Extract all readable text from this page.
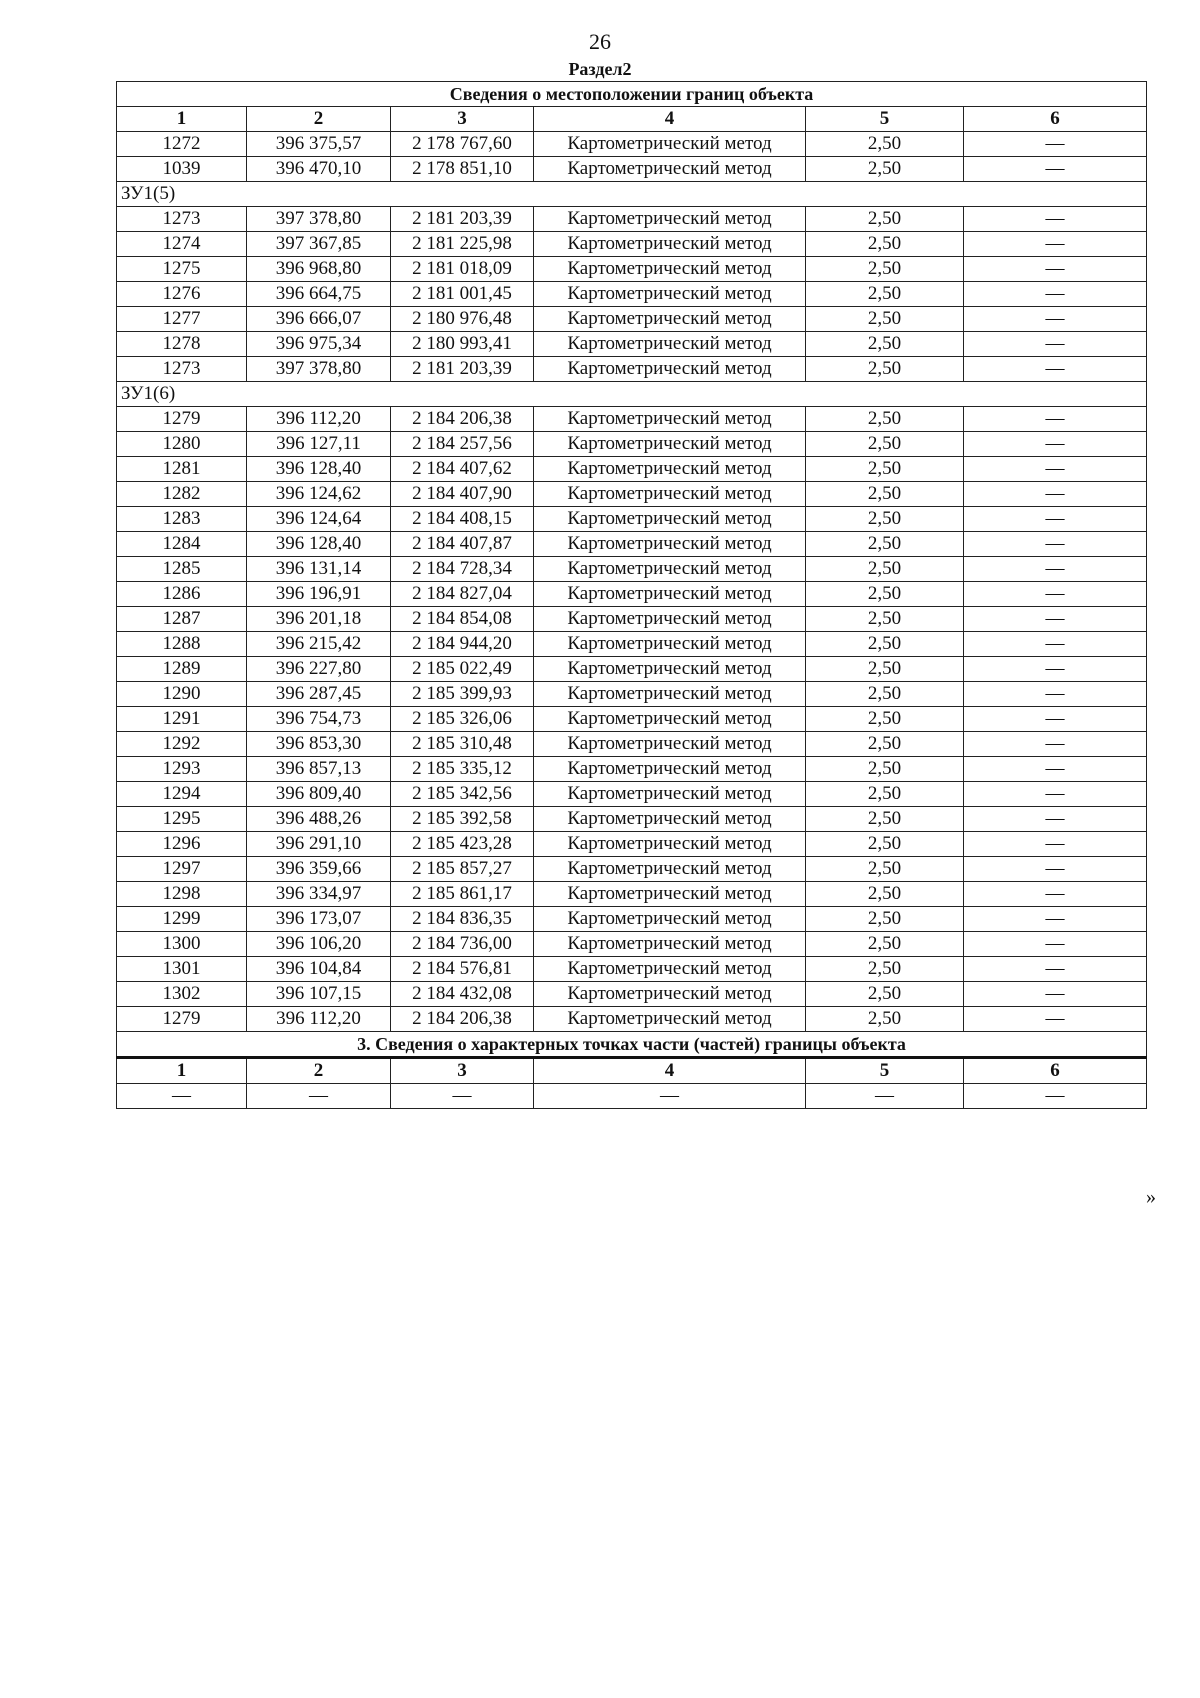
26
Раздел2
Сведения о местоположении границ объекта					
1	2	3	4	5	6
1272	396 375,57	2 178 767,60	Картометрический метод	2,50	—
1039	396 470,10	2 178 851,10	Картометрический метод	2,50	—
ЗУ1(5)					
1273	397 378,80	2 181 203,39	Картометрический метод	2,50	—
1274	397 367,85	2 181 225,98	Картометрический метод	2,50	—
1275	396 968,80	2 181 018,09	Картометрический метод	2,50	—
1276	396 664,75	2 181 001,45	Картометрический метод	2,50	—
1277	396 666,07	2 180 976,48	Картометрический метод	2,50	—
1278	396 975,34	2 180 993,41	Картометрический метод	2,50	—
1273	397 378,80	2 181 203,39	Картометрический метод	2,50	—
ЗУ1(6)					
1279	396 112,20	2 184 206,38	Картометрический метод	2,50	—
1280	396 127,11	2 184 257,56	Картометрический метод	2,50	—
1281	396 128,40	2 184 407,62	Картометрический метод	2,50	—
1282	396 124,62	2 184 407,90	Картометрический метод	2,50	—
1283	396 124,64	2 184 408,15	Картометрический метод	2,50	—
1284	396 128,40	2 184 407,87	Картометрический метод	2,50	—
1285	396 131,14	2 184 728,34	Картометрический метод	2,50	—
1286	396 196,91	2 184 827,04	Картометрический метод	2,50	—
1287	396 201,18	2 184 854,08	Картометрический метод	2,50	—
1288	396 215,42	2 184 944,20	Картометрический метод	2,50	—
1289	396 227,80	2 185 022,49	Картометрический метод	2,50	—
1290	396 287,45	2 185 399,93	Картометрический метод	2,50	—
1291	396 754,73	2 185 326,06	Картометрический метод	2,50	—
1292	396 853,30	2 185 310,48	Картометрический метод	2,50	—
1293	396 857,13	2 185 335,12	Картометрический метод	2,50	—
1294	396 809,40	2 185 342,56	Картометрический метод	2,50	—
1295	396 488,26	2 185 392,58	Картометрический метод	2,50	—
1296	396 291,10	2 185 423,28	Картометрический метод	2,50	—
1297	396 359,66	2 185 857,27	Картометрический метод	2,50	—
1298	396 334,97	2 185 861,17	Картометрический метод	2,50	—
1299	396 173,07	2 184 836,35	Картометрический метод	2,50	—
1300	396 106,20	2 184 736,00	Картометрический метод	2,50	—
1301	396 104,84	2 184 576,81	Картометрический метод	2,50	—
1302	396 107,15	2 184 432,08	Картометрический метод	2,50	—
1279	396 112,20	2 184 206,38	Картометрический метод	2,50	—
3. Сведения о характерных точках части (частей) границы объекта					
1	2	3	4	5	6
—	—	—	—	—	—
»
